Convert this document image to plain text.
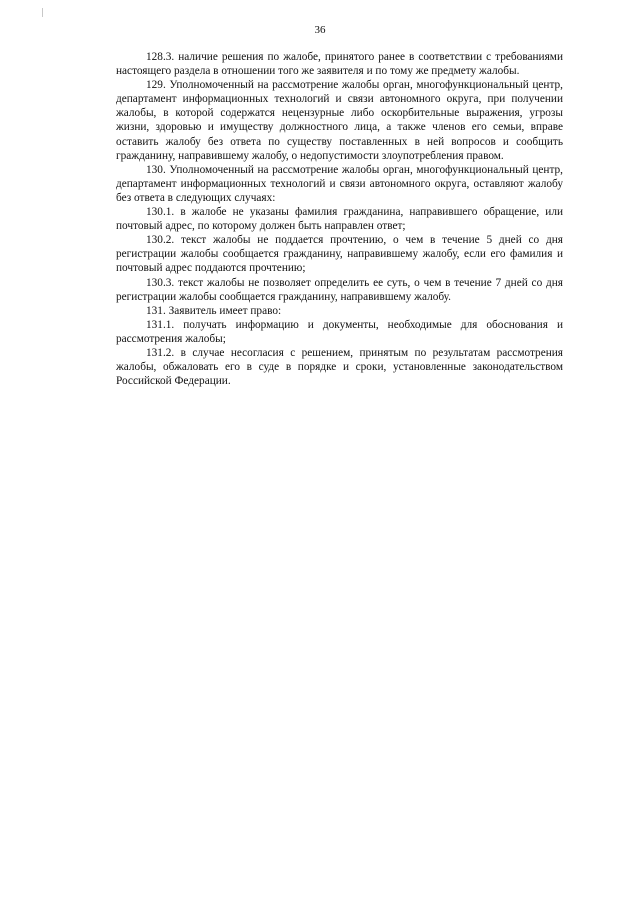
36

128.3. наличие решения по жалобе, принятого ранее в соответствии с требованиями настоящего раздела в отношении того же заявителя и по тому же предмету жалобы.

129. Уполномоченный на рассмотрение жалобы орган, многофункциональный центр, департамент информационных технологий и связи автономного округа, при получении жалобы, в которой содержатся нецензурные либо оскорбительные выражения, угрозы жизни, здоровью и имуществу должностного лица, а также членов его семьи, вправе оставить жалобу без ответа по существу поставленных в ней вопросов и сообщить гражданину, направившему жалобу, о недопустимости злоупотребления правом.

130. Уполномоченный на рассмотрение жалобы орган, многофункциональный центр, департамент информационных технологий и связи автономного округа, оставляют жалобу без ответа в следующих случаях:

130.1. в жалобе не указаны фамилия гражданина, направившего обращение, или почтовый адрес, по которому должен быть направлен ответ;

130.2. текст жалобы не поддается прочтению, о чем в течение 5 дней со дня регистрации жалобы сообщается гражданину, направившему жалобу, если его фамилия и почтовый адрес поддаются прочтению;

130.3. текст жалобы не позволяет определить ее суть, о чем в течение 7 дней со дня регистрации жалобы сообщается гражданину, направившему жалобу.

131. Заявитель имеет право:

131.1. получать информацию и документы, необходимые для обоснования и рассмотрения жалобы;

131.2. в случае несогласия с решением, принятым по результатам рассмотрения жалобы, обжаловать его в суде в порядке и сроки, установленные законодательством Российской Федерации.
